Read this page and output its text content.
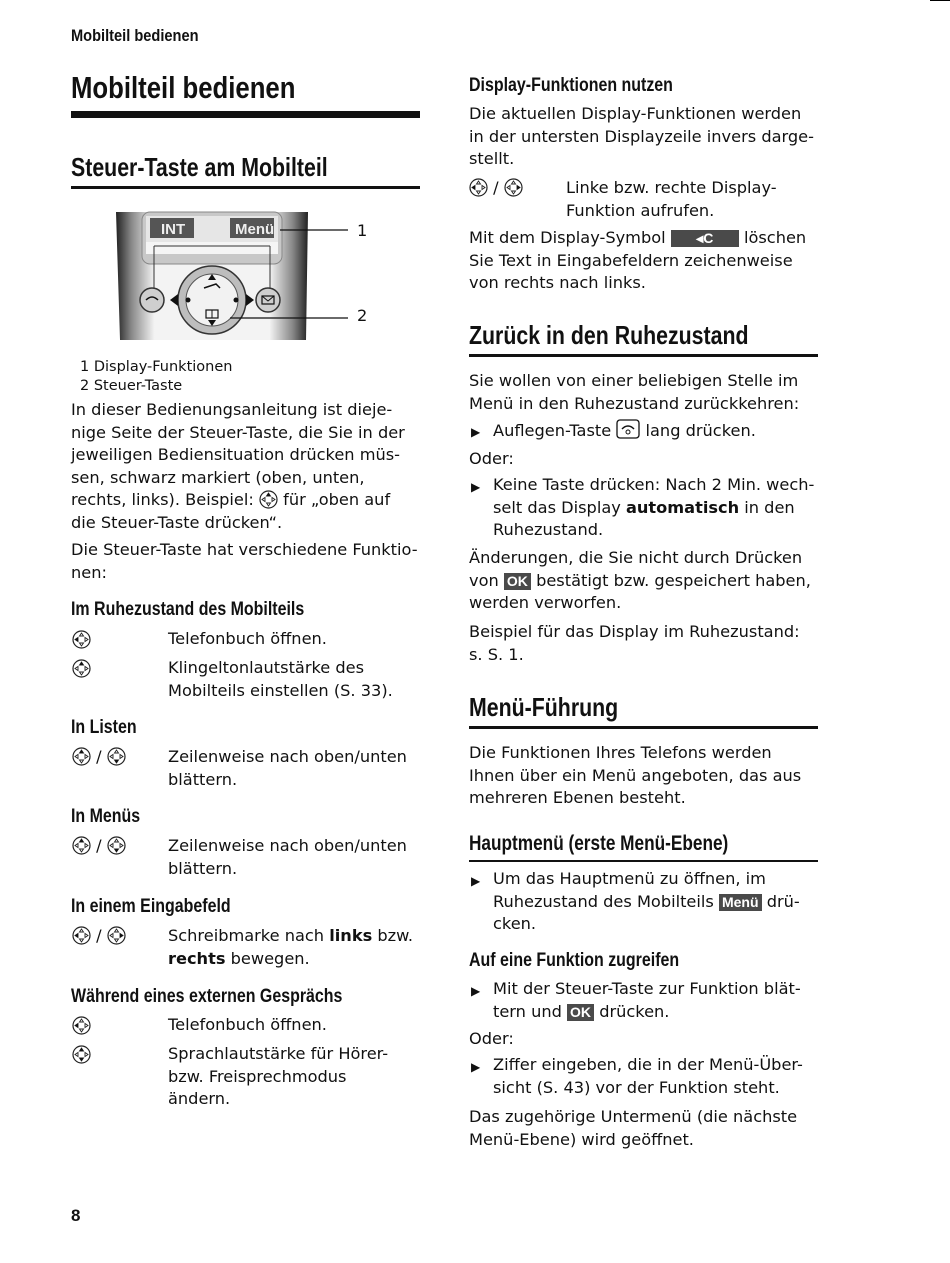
Mobilteil bedienen
Mobilteil bedienen
Steuer-Taste am Mobilteil
INT	Menü	1
2
1 Display-Funktionen
2 Steuer-Taste
In dieser Bedienungsanleitung ist dieje-
nige Seite der Steuer-Taste, die Sie in der
jeweiligen Bediensituation drücken müs-
sen, schwarz markiert (oben, unten,
rechts, links). Beispiel: für „oben auf
die Steuer-Taste drücken“.
Die Steuer-Taste hat verschiedene Funktio-
nen:
Im Ruhezustand des Mobilteils
Telefonbuch öffnen.
Klingeltonlautstärke des
Mobilteils einstellen (S. 33).
In Listen
/	Zeilenweise nach oben/unten
blättern.
In Menüs
/	Zeilenweise nach oben/unten
blättern.
In einem Eingabefeld
/	Schreibmarke nach links bzw.
rechts bewegen.
Während eines externen Gesprächs
Telefonbuch öffnen.
Sprachlautstärke für Hörer-
bzw. Freisprechmodus
ändern.
Display-Funktionen nutzen
Die aktuellen Display-Funktionen werden
in der untersten Displayzeile invers darge-
stellt.
/	Linke bzw. rechte Display-
Funktion aufrufen.
Mit dem Display-Symbol ◂C löschen
Sie Text in Eingabefeldern zeichenweise
von rechts nach links.
Zurück in den Ruhezustand
Sie wollen von einer beliebigen Stelle im
Menü in den Ruhezustand zurückkehren:
▶ Auflegen-Taste lang drücken.
Oder:
▶ Keine Taste drücken: Nach 2 Min. wech-
selt das Display automatisch in den
Ruhezustand.
Änderungen, die Sie nicht durch Drücken
von OK bestätigt bzw. gespeichert haben,
werden verworfen.
Beispiel für das Display im Ruhezustand:
s. S. 1.
Menü-Führung
Die Funktionen Ihres Telefons werden
Ihnen über ein Menü angeboten, das aus
mehreren Ebenen besteht.
Hauptmenü (erste Menü-Ebene)
▶ Um das Hauptmenü zu öffnen, im
Ruhezustand des Mobilteils Menü drü-
cken.
Auf eine Funktion zugreifen
▶ Mit der Steuer-Taste zur Funktion blät-
tern und OK drücken.
Oder:
▶ Ziffer eingeben, die in der Menü-Über-
sicht (S. 43) vor der Funktion steht.
Das zugehörige Untermenü (die nächste
Menü-Ebene) wird geöffnet.
8
